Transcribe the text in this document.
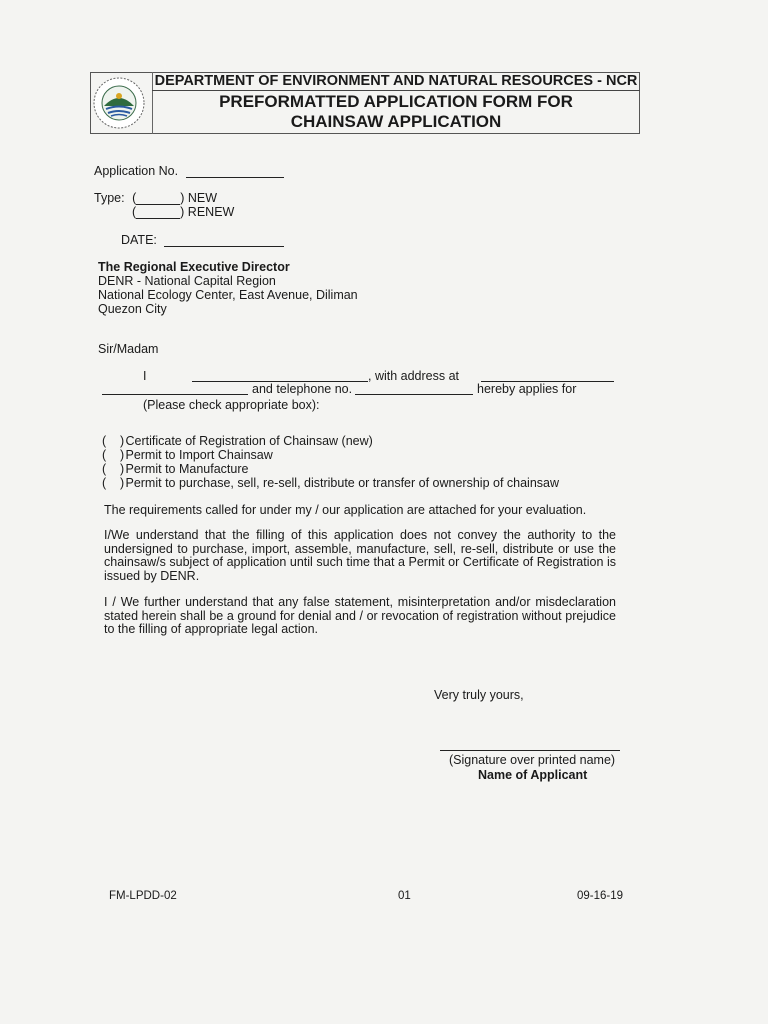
DEPARTMENT OF ENVIRONMENT AND NATURAL RESOURCES - NCR
PREFORMATTED APPLICATION FORM FOR
CHAINSAW APPLICATION
Application No.
Type: (	) NEW
(	) RENEW
DATE:
The Regional Executive Director
DENR - National Capital Region
National Ecology Center, East Avenue, Diliman
Quezon City
Sir/Madam
I	, with address at
and telephone no.	hereby applies for
(Please check appropriate box):
(    ) Certificate of Registration of Chainsaw (new)
(    ) Permit to Import Chainsaw
(    ) Permit to Manufacture
(    ) Permit to purchase, sell, re-sell, distribute or transfer of ownership of chainsaw
The requirements called for under my / our application are attached for your evaluation.
I/We understand that the filling of this application does not convey the authority to the undersigned to purchase, import, assemble, manufacture, sell, re-sell, distribute or use the chainsaw/s subject of application until such time that a Permit or Certificate of Registration is issued by DENR.
I / We further understand that any false statement, misinterpretation and/or misdeclaration stated herein shall be a ground for denial and / or revocation of registration without prejudice to the filling of appropriate legal action.
Very truly yours,
(Signature over printed name)
Name of Applicant
FM-LPDD-02	01	09-16-19
